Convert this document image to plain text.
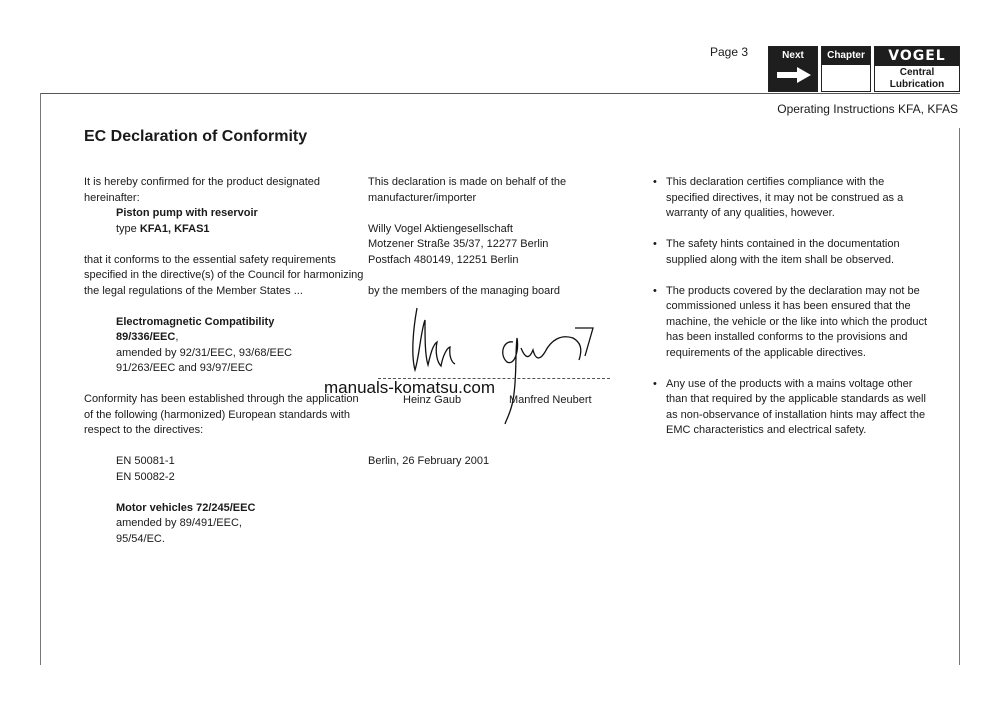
Page 3	Next	Chapter	VOGEL
Central
Lubrication
Operating Instructions KFA, KFAS
EC Declaration of Conformity

It is hereby confirmed for the product designated hereinafter:

Piston pump with reservoir

type KFA1, KFAS1

that it conforms to the essential safety requirements specified in the directive(s) of the Council for harmonizing the legal regulations of the Member States ...

Electromagnetic Compatibility

89/336/EEC,

amended by 92/31/EEC, 93/68/EEC

91/263/EEC and 93/97/EEC

Conformity has been established through the application of the following (harmonized) European standards with respect to the directives:

EN 50081-1

EN 50082-2

Motor vehicles 72/245/EEC

amended by 89/491/EEC,

95/54/EC.

This declaration is made on behalf of the manufacturer/importer

Willy Vogel Aktiengesellschaft

Motzener Straße 35/37, 12277 Berlin

Postfach 480149, 12251 Berlin

by the members of the managing board

manuals-komatsu.com
Heinz Gaub	Manfred Neubert
Berlin, 26 February 2001

• This declaration certifies compliance with the specified directives, it may not be construed as a warranty of any qualities, however.

• The safety hints contained in the documentation supplied along with the item shall be observed.

• The products covered by the declaration may not be commissioned unless it has been ensured that the machine, the vehicle or the like into which the product has been installed conforms to the provisions and requirements of the applicable directives.

• Any use of the products with a mains voltage other than that required by the applicable standards as well as non-observance of installation hints may affect the EMC characteristics and electrical safety.
